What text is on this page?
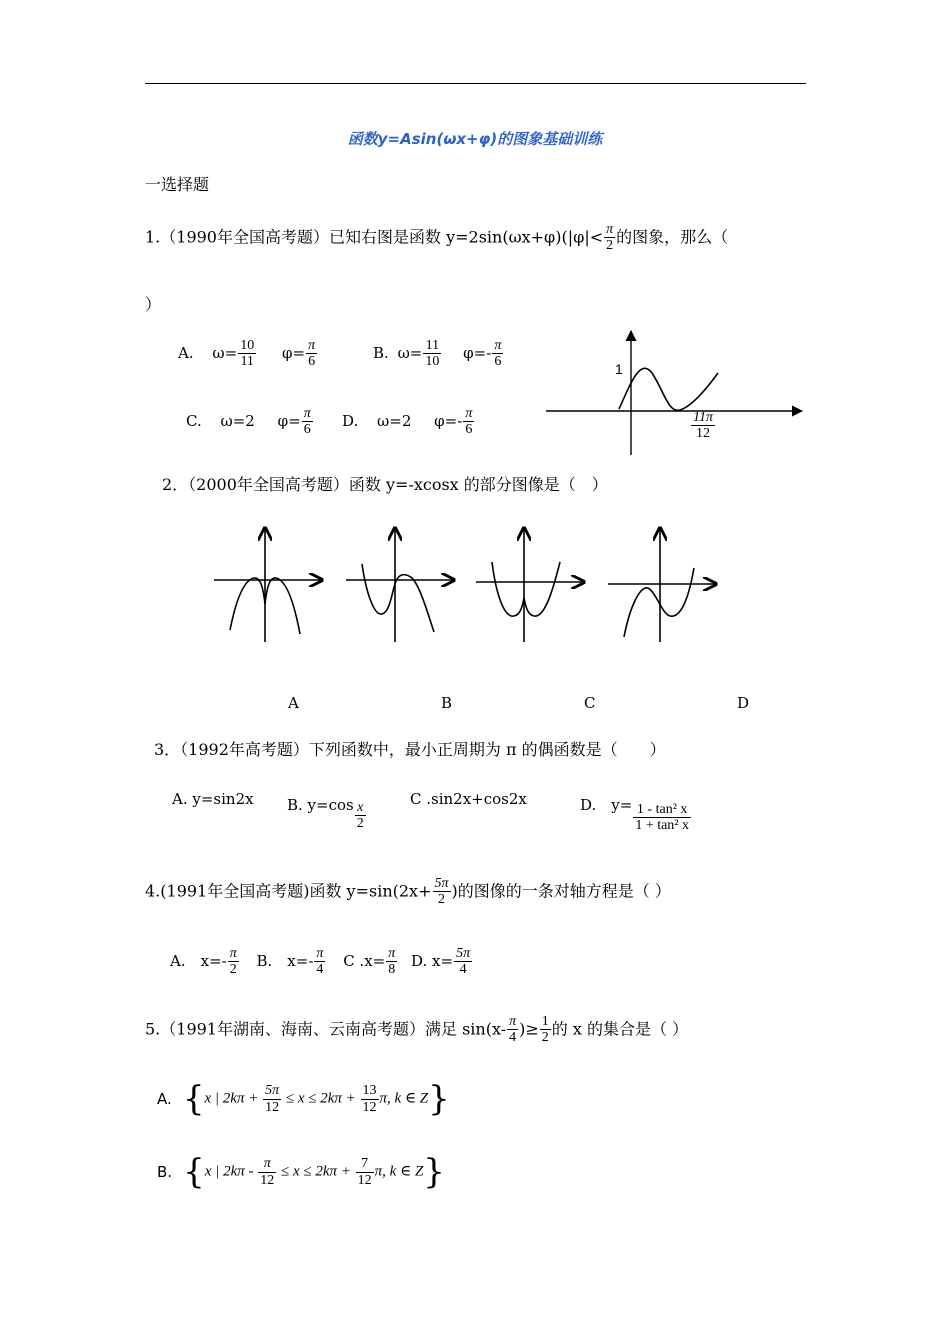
函数y=Asin(ωx+φ)的图象基础训练
一选择题
1.（1990年全国高考题）已知右图是函数 $y=2\sin(\omega x+\varphi)(|\varphi|< \frac{\pi}{2}$ 的图象，那么（
）
A. $\omega= \frac{10}{11} \varphi= \frac{\pi}{6}$	B. $\omega= \frac{11}{10} \varphi=- \frac{\pi}{6}$
C. ω=2 $\varphi= \frac{\pi}{6} D$. ω=2 $\varphi=- \frac{\pi}{6}$
1
$\frac{11\pi}{12}$
2．（2000年全国高考题）函数 y=-xcosx 的部分图像是（　）
A	B	C	D
3．（1992年高考题）下列函数中，最小正周期为 π 的偶函数是（　　）
A. y=sin2x B. $y=\cos \frac{x}{2}$
C .sin2x+cos2x	D.　$y= \frac{\text{1 - tan² x}}{\text{1 + tan² x}}$
4.(1991年全国高考题)函数 $y=\sin(2x+ \frac{5\pi}{2}$ )的图像的一条对轴方程是（ ）
A.　$x=- \frac{\pi}{2} B$.　$x=- \frac{\pi}{4}$ C $.x= \frac{\pi}{8} D$. $x= \frac{5\pi}{4}$
5.（1991年湖南、海南、云南高考题）满足 $\sin(x- \frac{\pi}{4}$ )≥ $\frac{1}{2}$ 的 x 的集合是（ ）
A. {x | $2k\pi + \frac{5\pi}{12} \le x \le 2k\pi + \frac{13}{12} \pi$, k ∈ Z}
B. {x | $2k\pi - \frac{\pi}{12} \le x \le 2k\pi + \frac{7}{12} \pi$, k ∈ Z}
